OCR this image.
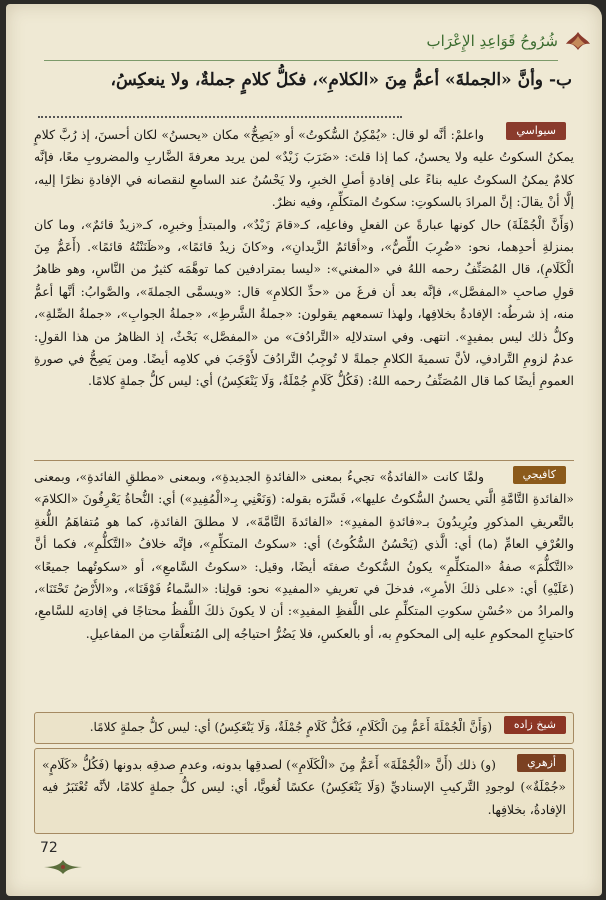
شُرُوحُ قَوَاعِدِ الإِعْرَاب
ب- وأنَّ «الجملةَ» أعمُّ مِنَ «الكلامِ»، فكلُّ كلامٍ جملةٌ، ولا ينعكِسُ،
سيواسي

واعلمْ: أنَّه لو قال: «يُمْكِنُ السُّكوتُ» أو «يَصِحُّ» مكان «يحسنُ» لكان أحسنَ، إذ رُبَّ كلامٍ يمكنُ السكوتُ عليه ولا يحسنُ، كما إذا قلتَ: «ضَرَبَ زَيْدٌ» لمن يريد معرفةَ الضَّاربِ والمضروبِ معًا، فإنَّه كلامٌ يمكنُ السكوتُ عليه بناءً على إفادةِ أصلِ الخبرِ، ولا يَحْسُنُ عند السامعِ لنقصانه في الإفادةِ نظرًا إليه، إلَّا أنْ يقالَ: إنَّ المرادَ بالسكوتِ: سكوتُ المتكلِّمِ، وفيه نظرٌ.

(وَأَنَّ الْجُمْلَةَ) حال كونها عبارةً عن الفعلِ وفاعلِه، كـ«قامَ زَيْدٌ»، والمبتدأِ وخبرِه، كـ«زيدٌ قائمٌ»، وما كان بمنزلةِ أحدِهما، نحو: «ضُرِبَ اللِّصُّ»، و«أقائمٌ الزَّيدانِ»، و«كانَ زيدٌ قائمًا»، و«ظَنَنْتُهُ قائمًا». (أَعَمُّ مِنَ الْكَلَامِ)، قال المُصَنِّفُ رحمه اللهُ في «المغني»: «ليسا بمترادفين كما توهَّمَه كثيرٌ من النَّاسِ، وهو ظاهرُ قولِ صاحبِ «المفصَّل»، فإنَّه بعد أن فرغَ من «حدِّ الكلامِ» قال: «ويسمَّى الجملةَ»، والصَّوابُ: أنَّها أعمُّ منه، إذ شرطُه: الإفادةُ بخلافِها، ولهذا تسمعهم يقولون: «جملةُ الشَّرطِ»، «جملةُ الجوابِ»، «جملةُ الصِّلةِ»، وكلُّ ذلك ليس بمفيدٍ». انتهى. وفي استدلالِه «التَّرادُفَ» من «المفصَّل» بَحْثٌ، إذ الظاهرُ من هذا القولِ: عدمُ لزومِ التَّرادفِ، لأنَّ تسميةَ الكلامِ جملةً لا تُوجِبُ التَّرادُفَ لأَوْجَبَ في كلامِه أيضًا. ومن يَصِحُّ في صورةِ العمومِ أيضًا كما قال المُصَنِّفُ رحمه اللهُ: (فَكُلُّ كَلَامٍ جُمْلَةٌ، وَلَا يَنْعَكِسُ) أي: ليس كلُّ جملةٍ كلامًا.

كافيجي

ولمَّا كانت «الفائدةُ» تجيءُ بمعنى «الفائدةِ الجديدةِ»، وبمعنى «مطلقِ الفائدةِ»، وبمعنى «الفائدةِ التَّامَّةِ الَّتي يحسنُ السُّكوتُ عليها»، فَسَّرَه بقوله: (وَنَعْنِي بِـ«الْمُفِيدِ») أي: النُّحاةُ يَعْرِفُونَ «الكلامَ» بالتَّعريفِ المذكورِ ويُرِيدُونَ بـ«فائدةِ المفيدِ»: «الفائدةَ التَّامَّةَ»، لا مطلقَ الفائدةِ، كما هو مُتفاهَمُ اللُّغةِ والعُرْفِ العامِّ (ما) أي: الَّذي (يَحْسُنُ السُّكُوتُ) أي: «سكوتُ المتكلِّمِ»، فإنَّه خلافُ «التَّكلُّمِ»، فكما أنَّ «التَّكلُّمَ» صفةُ «المتكلِّمِ» يكونُ السُّكوتُ صفتَه أيضًا، وقيل: «سكوتُ السَّامعِ»، أو «سكوتُهما جميعًا» (عَلَيْهِ) أي: «على ذلكَ الأمرِ»، فدخلَ في تعريفِ «المفيدِ» نحو: قولِنا: «السَّماءُ فَوْقَنَا»، و«الأَرْضُ تَحْتَنَا»، والمرادُ من «حُسْنِ سكوتِ المتكلِّمِ على اللَّفظِ المفيدِ»: أن لا يكونَ ذلكَ اللَّفظُ محتاجًا في إفادتِه للسَّامعِ، كاحتياجِ المحكومِ عليه إلى المحكومِ به، أو بالعكسِ، فلا يَضُرُّ احتياجُه إلى المُتعلَّقاتِ من المفاعيلِ.

شيخ زاده

(وَأَنَّ الْجُمْلَةَ أَعَمُّ مِنَ الْكَلَامِ، فَكُلُّ كَلَامٍ جُمْلَةٌ، وَلَا يَنْعَكِسُ) أي: ليس كلُّ جملةٍ كلامًا.

أزهري

(و) ذلك (أَنَّ «الْجُمْلَةَ» أَعَمُّ مِنَ «الْكَلَامِ») لصدقِها بدونه، وعدمِ صدقِه بدونها (فَكُلُّ «كَلَامٍ» «جُمْلَةٌ») لوجودِ التَّركيبِ الإسناديِّ (وَلَا يَنْعَكِسُ) عكسًا لُغويًّا، أي: ليس كلُّ جملةٍ كلامًا، لأنَّه تُعْتَبَرُ فيه الإفادةُ، بخلافِها.

72
